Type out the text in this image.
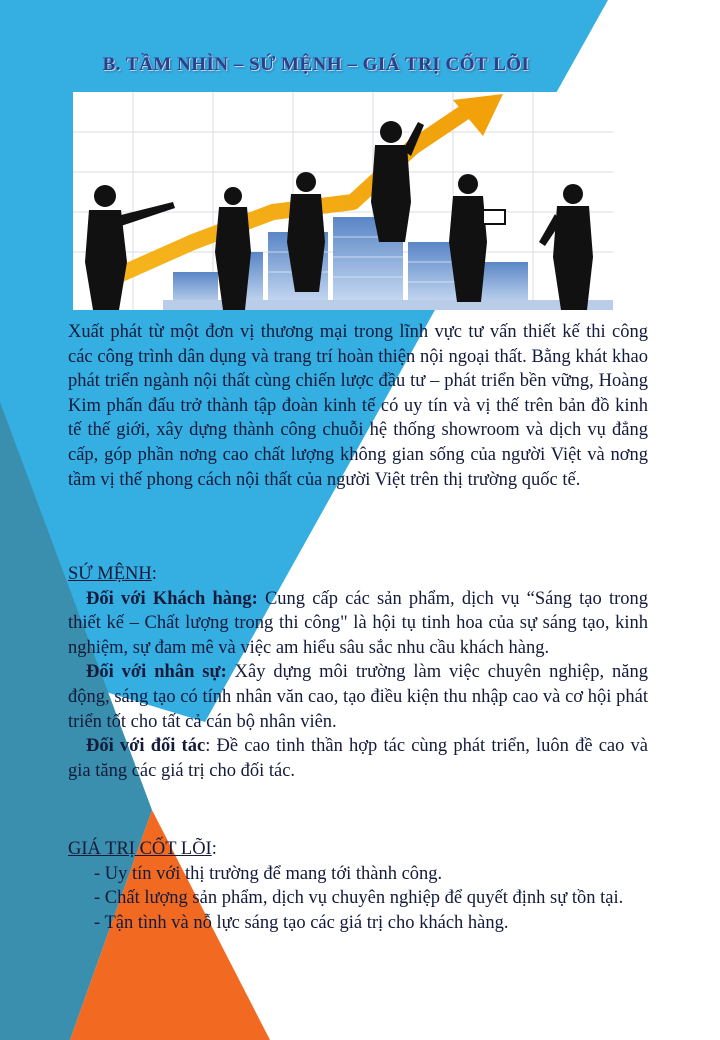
B. TẦM NHÌN – SỨ MỆNH – GIÁ TRỊ CỐT LÕI
Xuất phát từ một đơn vị thương mại trong lĩnh vực tư vấn thiết kế thi công các công trình dân dụng và trang trí hoàn thiện nội ngoại thất. Bằng khát khao phát triển ngành nội thất cùng chiến lược đầu tư – phát triển bền vững, Hoàng Kim phấn đấu trở thành tập đoàn kinh tế có uy tín và vị thế trên bản đồ kinh tế thế giới, xây dựng thành công chuỗi hệ thống showroom và dịch vụ đẳng cấp, góp phần nơng cao chất lượng không gian sống của người Việt và nơng tầm vị thế phong cách nội thất của người Việt trên thị trường quốc tế.

SỨ MỆNH:

Đối với Khách hàng: Cung cấp các sản phẩm, dịch vụ “Sáng tạo trong thiết kế – Chất lượng trong thi công" là hội tụ tinh hoa của sự sáng tạo, kinh nghiệm, sự đam mê và việc am hiểu sâu sắc nhu cầu khách hàng.

Đối với nhân sự: Xây dựng môi trường làm việc chuyên nghiệp, năng động, sáng tạo có tính nhân văn cao, tạo điều kiện thu nhập cao và cơ hội phát triển tốt cho tất cả cán bộ nhân viên.

Đối với đối tác: Đề cao tinh thần hợp tác cùng phát triển, luôn đề cao và gia tăng các giá trị cho đối tác.

GIÁ TRỊ CỐT LÕI:

- Uy tín với thị trường để mang tới thành công.

- Chất lượng sản phẩm, dịch vụ chuyên nghiệp để quyết định sự tồn tại.

- Tận tình và nỗ lực sáng tạo các giá trị cho khách hàng.
